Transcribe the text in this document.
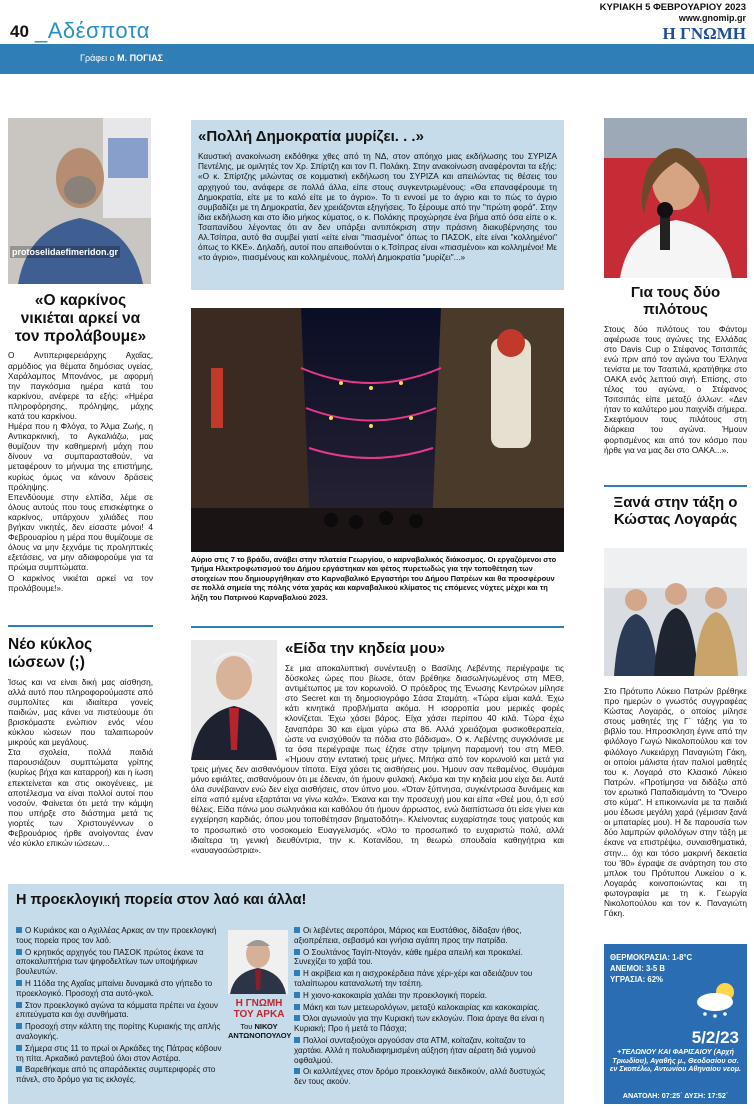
40 _Αδέσποτα
ΚΥΡΙΑΚΗ 5 ΦΕΒΡΟΥΑΡΙΟΥ 2023
www.gnomip.gr
Η ΓΝΩΜΗ
Γράφει ο Μ. ΠΟΓΙΑΣ
protoselidaefimeridon.gr
«Ο καρκίνος νικιέται αρκεί να τον προλάβουμε»

Ο Αντιπεριφερειάρχης Αχαΐας, αρμόδιος για θέματα δημόσιας υγείας, Χαράλαμπος Μπονάνος, με αφορμή την παγκόσμια ημέρα κατά του καρκίνου, ανέφερε τα εξής: «Ημέρα πληροφόρησης, πρόληψης, μάχης κατά του καρκίνου.

Ημέρα που η Φλόγα, το Άλμα Ζωής, η Αντικαρκινική, το Αγκαλιάζω, μας θυμίζουν την καθημερινή μάχη που δίνουν να συμπαρασταθούν, να μεταφέρουν το μήνυμα της επιστήμης, κυρίως όμως να κάνουν δράσεις πρόληψης.

Επενδύουμε στην ελπίδα, λέμε σε όλους αυτούς που τους επισκέφτηκε ο καρκίνος, υπάρχουν χιλιάδες που βγήκαν νικητές, δεν είσαστε μόνοι! 4 Φεβρουαρίου η μέρα που θυμίζουμε σε όλους να μην ξεχνάμε τις προληπτικές εξετάσεις, να μην αδιαφορούμε για τα πρώιμα συμπτώματα.

Ο καρκίνος νικιέται αρκεί να τον προλάβουμε!».

Νέο κύκλος ιώσεων (;)

Ίσως και να είναι δική μας αίσθηση, αλλά αυτό που πληροφορούμαστε από συμπολίτες και ιδιαίτερα γονείς παιδιών, μας κάνει να πιστεύουμε ότι βρισκόμαστε ενώπιον ενός νέου κύκλου ιώσεων που ταλαιπωρούν μικρούς και μεγάλους.

Στα σχολεία, πολλά παιδιά παρουσιάζουν συμπτώματα γρίπης (κυρίως βήχα και καταρροή) και η ίωση επεκτείνεται και στις οικογένειες, με αποτέλεσμα να είναι πολλοί αυτοί που νοσούν. Φαίνεται ότι μετά την κάμψη που υπήρξε στο διάστημα μετά τις γιορτές των Χριστουγέννων ο Φεβρουάριος ήρθε ανοίγοντας έναν νέο κύκλο επικών ιώσεων...

«Πολλή Δημοκρατία μυρίζει. . .»
Καυστική ανακοίνωση εκδόθηκε χθες από τη ΝΔ, στον απόηχο μιας εκδήλωσης του ΣΥΡΙΖΑ Πεντέλης, με ομιλητές τον Χρ. Σπίρτζη και τον Π. Πολάκη. Στην ανακοίνωση αναφέρονται τα εξής: «Ο κ. Σπίρτζης μιλώντας σε κομματική εκδήλωση του ΣΥΡΙΖΑ και απειλώντας τις θέσεις του αρχηγού του, ανάφερε σε πολλά άλλα, είπε στους συγκεντρωμένους: «Θα επαναφέρουμε τη Δημοκρατία, είτε με το καλό είτε με το άγριο». Το τι εννοεί με το άγριο και το πώς το άγριο συμβαδίζει με τη Δημοκρατία, δεν χρειάζονται εξηγήσεις. Το ξέρουμε από την "πρώτη φορά". Στην ίδια εκδήλωση και στο ίδιο μήκος κύματος, ο κ. Πολάκης προχώρησε ένα βήμα από όσα είπε ο κ. Τσαπανίδου λέγοντας ότι αν δεν υπάρξει αντιπόκριση στην πράσινη διακυβέρνησης του Αλ.Τσίπρα, αυτό θα συμβεί γιατί «είτε είναι "πιασμένοι" όπως το ΠΑΣΟΚ, είτε είναι "κολλημένοι" όπως το ΚΚΕ». Δηλαδή, αυτοί που απειθούνται ο κ.Τσίπρας είναι «πιασμένοι» και κολλημένοι! Με «το άγριο», πιασμένους και κολλημένους, πολλή Δημοκρατία "μυρίζει"...»
Αύριο στις 7 το βράδυ, ανάβει στην πλατεία Γεωργίου, ο καρναβαλικός διάκοσμος. Οι εργαζόμενοι στο Τμήμα Ηλεκτροφωτισμού του Δήμου εργάστηκαν και φέτος πυρετωδώς για την τοποθέτηση των στοιχείων που δημιουργήθηκαν στο Καρναβαλικό Εργαστήρι του Δήμου Πατρέων και θα προσφέρουν σε πολλά σημεία της πόλης νότα χαράς και καρναβαλικού κλίματος τις επόμενες νύχτες μέχρι και τη λήξη του Πατρινού Καρναβαλιού 2023.
«Είδα την κηδεία μου»
Σε μια αποκαλυπτική συνέντευξη ο Βασίλης Λεβέντης περιέγραψε τις δύσκολες ώρες που βίωσε, όταν βρέθηκε διασωληνωμένος στη ΜΕΘ, αντιμέτωπος με τον κορωνοϊό. Ο πρόεδρος της Ένωσης Κεντρώων μίλησε στο Secret και τη δημοσιογράφο Σάσα Σταμάτη. «Τώρα είμαι καλά. Έχω κάτι κινητικά προβλήματα ακόμα. Η ισορροπία μου μερικές φορές κλονίζεται. Έχω χάσει βάρος. Είχα χάσει περίπου 40 κιλά. Τώρα έχω ξαναπάρει 30 και είμαι γύρω στα 86. Αλλά χρειάζομαι φυσικοθεραπεία, ώστε να ενισχύθούν τα πόδια στο βάδισμα». Ο κ. Λεβέντης συγκλόνισε με τα όσα περιέγραψε πως έζησε στην τρίμηνη παραμονή του στη ΜΕΘ. «Ήμουν στην εντατική τρεις μήνες. Μπήκα από τον κορωνοϊό και μετά για τρεις μήνες δεν αισθανόμουν τίποτα. Είχα χάσει τις αισθήσεις μου. Ήμουν σαν πεθαμένος. Θυμάμαι μόνο εφιάλτες, αισθανόμουν ότι με έδεναν, ότι ήμουν φυλακή. Ακόμα και την κηδεία μου είχα δει. Αυτά όλα συνέβαιναν ενώ δεν είχα αισθήσεις, στον ύπνο μου. «Όταν ξύπνησα, συγκέντρωσα δυνάμεις και είπα «από εμένα εξαρτάται να γίνω καλά». Έκανα και την προσευχή μου και είπα «Θεέ μου, ό,τι εσύ θέλεις. Είδα πάνω μου σωληνάκια και καθόλου ότι ήμουν άρρωστος, ενώ διαπίστωσα ότι είσε γίνει και εγχείρηση καρδιάς, όπου μου τοποθέτησαν βηματοδότη». Κλείνοντας ευχαρίστησε τους γιατρούς και το προσωπικό στο νοσοκομείο Ευαγγελισμός. «Όλο το προσωπικό το ευχαριστώ πολύ, αλλά ιδιαίτερα τη γενική διευθύντρια, την κ. Κοτανίδου, τη θεωρώ σπουδαία καθηγήτρια και «ναυαγοσώστρια».
Για τους δύο πιλότους
Στους δύο πιλότους του Φάντομ αφιέρωσε τους αγώνες της Ελλάδας στο Davis Cup ο Στέφανος Τσιτσιπάς ενώ πριν από τον αγώνα του Έλληνα τενίστα με τον Τσαπιλά, κρατήθηκε στο ΟΑΚΑ ενός λεπτού σιγή. Επίσης, στο τέλος του αγώνα, ο Στέφανος Τσιτσιπάς είπε μεταξύ άλλων: «Δεν ήταν το καλύτερο μου παιχνίδι σήμερα. Σκεφτόμουν τους πιλότους στη διάρκεια του αγώνα. Ήμουν φορτισμένος και από τον κόσμο που ήρθε για να μας δει στο ΟΑΚΑ...».
Ξανά στην τάξη ο Κώστας Λογαράς
Στο Πρότυπο Λύκειο Πατρών βρέθηκε προ ημερών ο γνωστός συγγραφέας Κώστας Λογαράς, ο οποίος μίλησε στους μαθητές της Γ΄ τάξης για το βιβλίο του. Ηπροσκληση έγινε από την φιλόλογο Γωγώ Νικολοπούλου και τον φιλόλογο Λυκειάρχη Παναγιώτη Γάκη, οι οποίοι μάλιστα ήταν παλιοί μαθητές του κ. Λογαρά στο Κλασικό Λύκειο Πατρών. «Προτίμησα να διδάξω από τον ερωτικό Παπαδιαμάντη το "Όνειρο στο κύμα". Η επικοινωνία με τα παιδιά μου έδωσε μεγάλη χαρά (γέμισαν ξανά οι μπαταρίες μου). Η δε παρουσία των δύο λαμπρών φιλολόγων στην τάξη με έκανε να επιστρέψω, συναισθηματικά, στην... όχι και τόσο μακρινή δεκαετία του '80» έγραψε σε ανάρτηση του στο μπλοκ του Πρότυπου Λυκείου ο κ. Λογαράς κοινοποιώντας και τη φωτογραφία με τη κ. Γεωργία Νικολοπούλου και τον κ. Παναγιώτη Γάκη.
Η προεκλογική πορεία στον λαό και άλλα!
Ο Κυριάκος και ο Αχιλλέας Αρκας αν την προεκλογική τους πορεία προς τον λαό.
Ο κρητικός αρχηγός του ΠΑΣΟΚ πρώτος έκανε τα αποκαλυπτήρια των ψηφοδελτίων των υποψήφιων βουλευτών.
Η 11όδα της Αχαΐας μπαίνει δυναμικά στο γήπεδο το προεκλογικό. Προσοχή στα αυτό-γκολ.
Στον προεκλογικό αγώνα τα κόμματα πρέπει να έχουν επιτεύγματα και όχι συνθήματα.
Προσοχή στην κάλπη της πορίτης Κυριακής της απλής αναλογικής.
Σήμερα στις 11 το πρωί οι Αρκάδες της Πάτρας κόβουν τη πίτα. Αρκαδικό ραντεβού όλοι στον Αστέρα.
Βαρεθήκαμε από τις απαράδεκτες συμπεριφορές στο πάνελ, στο δρόμο για τις εκλογές.
Η ΓΝΩΜΗ ΤΟΥ ΑΡΚΑ
Του ΝΙΚΟΥ ΑΝΤΩΝΟΠΟΥΛΟΥ
Οι λεβέντες αεροπόροι, Μάριος και Ευστάθιος, δίδαξαν ήθος, αξιοπρέπεια, σεβασμό και γνήσια αγάπη προς την πατρίδα.
Ο Σουλτάνος Ταγίπ-Ντογάν, κάθε ημέρα απειλή και προκαλεί. Συνεχίζει το χαβά του.
Η ακρίβεια και η αισχροκέρδεια πάνε χέρι-χέρι και αδειάζουν του ταλαίπωρου καταναλωτή την τσέπη.
Η χιονο-κακοκαιρία χαλάει την προεκλογική πορεία.
Μάκη και των μετεωρολόγων, μεταξύ καλοκαιρίας και κακοκαιρίας.
Όλοι αγωνιούν για την Κυριακή των εκλογών. Ποια άραγε θα είναι η Κυριακή; Προ ή μετά το Πάσχα;
Πολλοί συνταξιούχοι αργούσαν στα ΑΤΜ, κοίταζαν, κοίταζαν το χαρτάκι. Αλλά η πολυδιαφημισμένη αύξηση ήταν αέρατη διά γυμνού οφθαλμού.
Οι καλλιτέχνες στον δρόμο προεκλογικά διεκδικούν, αλλά δυστυχώς δεν τους ακούν.
ΘΕΡΜΟΚΡΑΣΙΑ: 1-8°C
ΑΝΕΜΟΙ: 3-5 Β
ΥΓΡΑΣΙΑ: 62%
5/2/23
+ΤΕΛΩΝΟΥ ΚΑΙ ΦΑΡΙΣΑΙΟΥ (Αρχή Τριωδίου), Αγαθής μ., Θεοδοσίου οσ. εν Σκοπέλω, Αντωνίου Αθηναίου νεομ.
ΑΝΑΤΟΛΗ: 07:25΄ ΔΥΣΗ: 17:52΄
